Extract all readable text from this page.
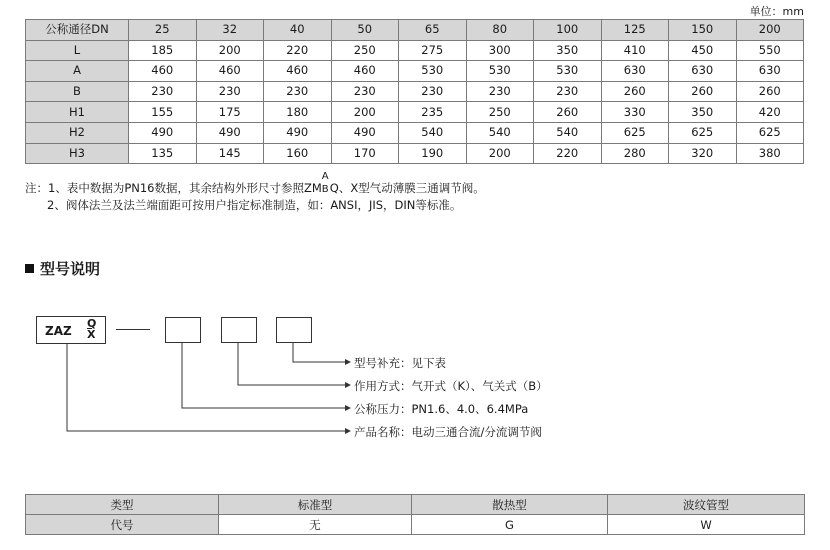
单位：mm
公称通径DN	25	32	40	50	65	80	100	125	150	200
L	185	200	220	250	275	300	350	410	450	550
A	460	460	460	460	530	530	530	630	630	630
B	230	230	230	230	230	230	230	260	260	260
H1	155	175	180	200	235	250	260	330	350	420
H2	490	490	490	490	540	540	540	625	625	625
H3	135	145	160	170	190	200	220	280	320	380
注：1、表中数据为PN16数据，其余结构外形尺寸参照ZM
A
B Q、X型气动薄膜三通调节阀。
2、阀体法兰及法兰端面距可按用户指定标准制造，如：ANSI，JIS，DIN等标准。
型号说明
ZAZ
Q
X
型号补充：见下表
作用方式：气开式（K）、气关式（B）
公称压力：PN1.6、4.0、6.4MPa
产品名称：电动三通合流/分流调节阀
类型	标准型	散热型	波纹管型
代号	无	G	W
